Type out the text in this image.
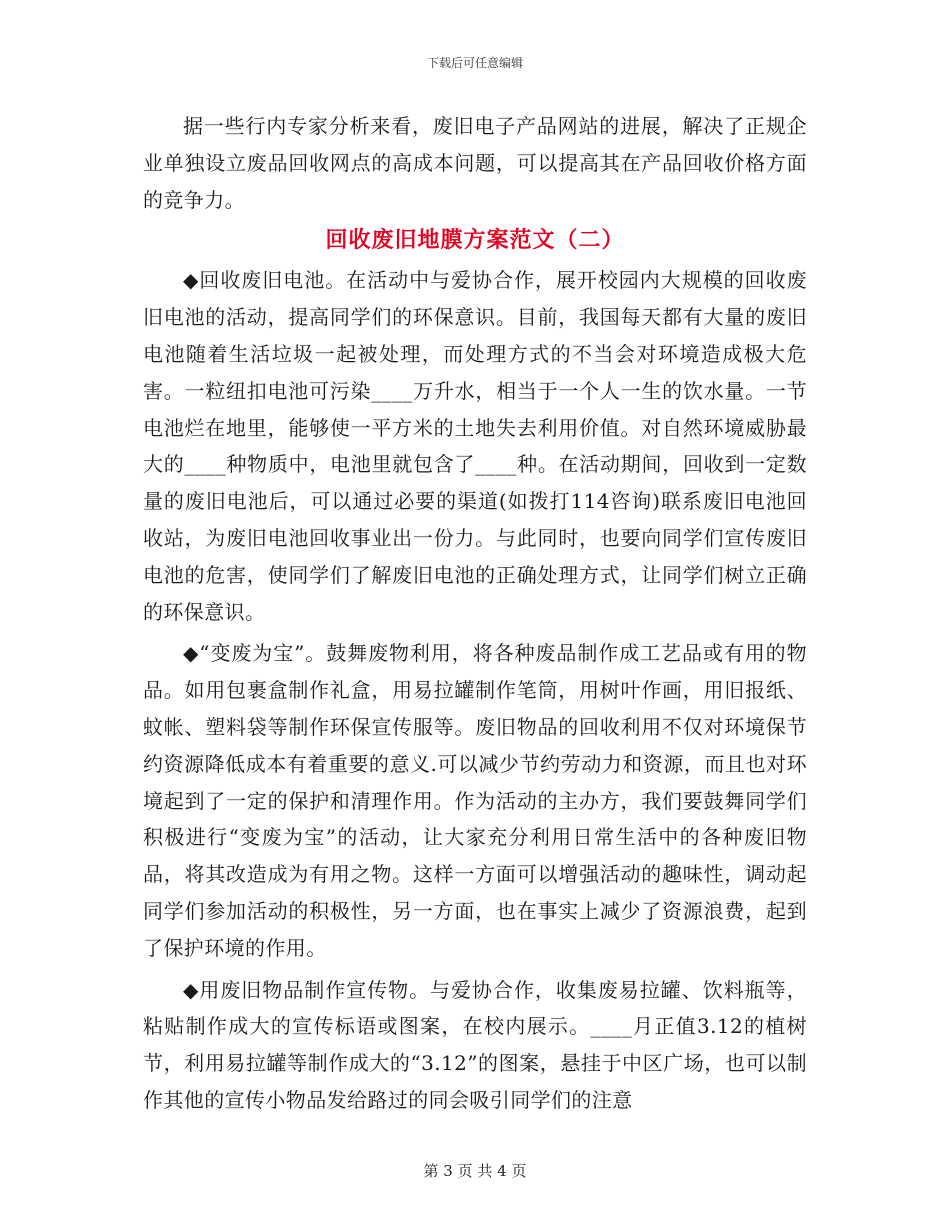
下载后可任意编辑

据一些行内专家分析来看，废旧电子产品网站的进展，解决了正规企业单独设立废品回收网点的高成本问题，可以提高其在产品回收价格方面的竞争力。

回收废旧地膜方案范文（二）

◆回收废旧电池。在活动中与爱协合作，展开校园内大规模的回收废旧电池的活动，提高同学们的环保意识。目前，我国每天都有大量的废旧电池随着生活垃圾一起被处理，而处理方式的不当会对环境造成极大危害。一粒纽扣电池可污染____万升水，相当于一个人一生的饮水量。一节电池烂在地里，能够使一平方米的土地失去利用价值。对自然环境威胁最大的____种物质中，电池里就包含了____种。在活动期间，回收到一定数量的废旧电池后，可以通过必要的渠道(如拨打114咨询)联系废旧电池回收站，为废旧电池回收事业出一份力。与此同时，也要向同学们宣传废旧电池的危害，使同学们了解废旧电池的正确处理方式，让同学们树立正确的环保意识。

◆“变废为宝”。鼓舞废物利用，将各种废品制作成工艺品或有用的物品。如用包裹盒制作礼盒，用易拉罐制作笔筒，用树叶作画，用旧报纸、蚊帐、塑料袋等制作环保宣传服等。废旧物品的回收利用不仅对环境保节约资源降低成本有着重要的意义.可以减少节约劳动力和资源，而且也对环境起到了一定的保护和清理作用。作为活动的主办方，我们要鼓舞同学们积极进行“变废为宝”的活动，让大家充分利用日常生活中的各种废旧物品，将其改造成为有用之物。这样一方面可以增强活动的趣味性，调动起同学们参加活动的积极性，另一方面，也在事实上减少了资源浪费，起到了保护环境的作用。

◆用废旧物品制作宣传物。与爱协合作，收集废易拉罐、饮料瓶等，粘贴制作成大的宣传标语或图案，在校内展示。____月正值3.12的植树节，利用易拉罐等制作成大的“3.12”的图案，悬挂于中区广场，也可以制作其他的宣传小物品发给路过的同会吸引同学们的注意

第 3 页 共 4 页
